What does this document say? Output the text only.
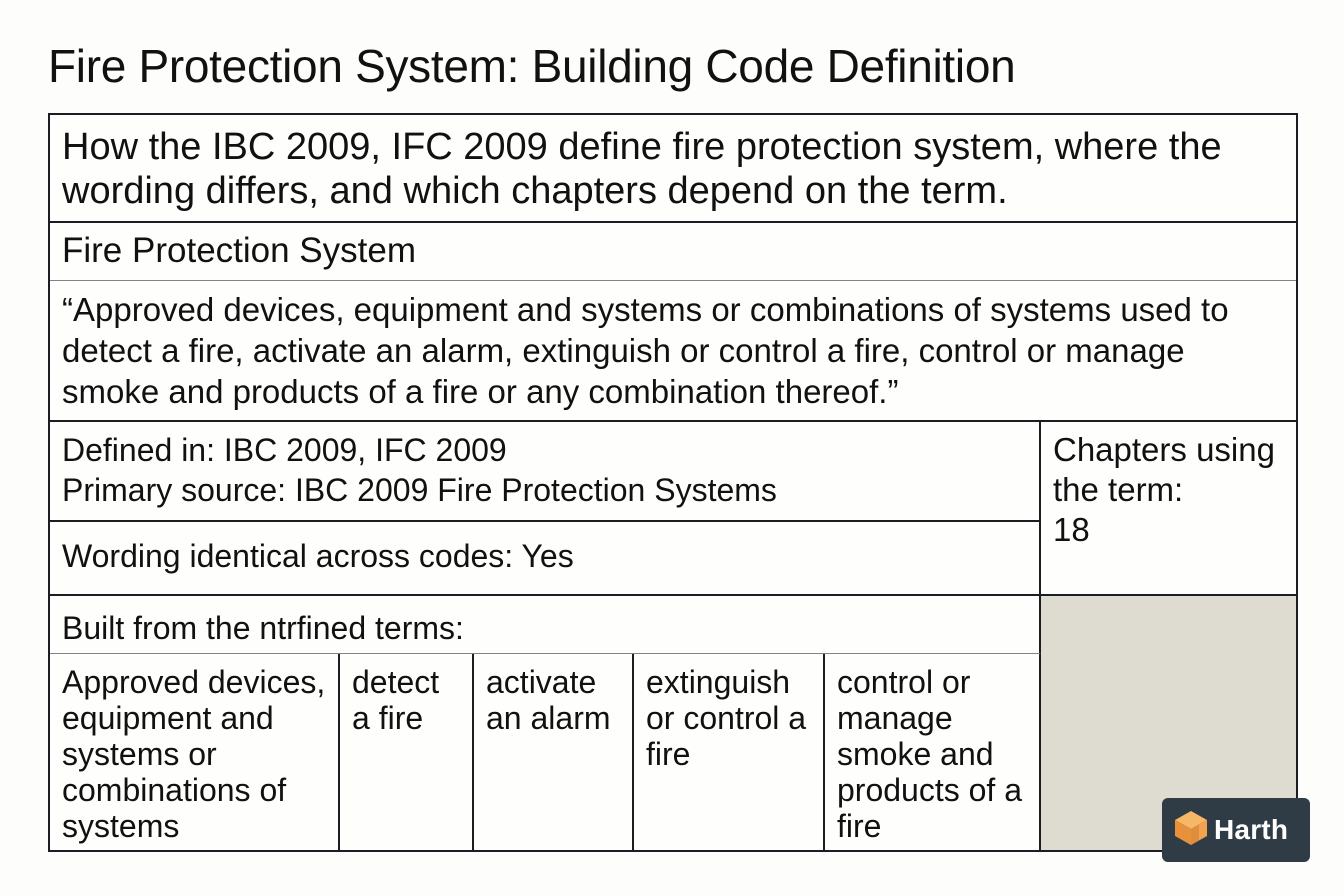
Fire Protection System: Building Code Definition
How the IBC 2009, IFC 2009 define fire protection system, where the wording differs, and which chapters depend on the term.
Fire Protection System
“Approved devices, equipment and systems or combinations of systems used to detect a fire, activate an alarm, extinguish or control a fire, control or manage smoke and products of a fire or any combination thereof.”
Defined in: IBC 2009, IFC 2009
Primary source: IBC 2009 Fire Protection Systems
Chapters using the term:
18
Wording identical across codes: Yes
Built from the ntrfined terms:
Approved devices, equipment and systems or combinations of systems
detect a fire
activate an alarm
extinguish or control a fire
control or manage smoke and products of a fire	Harth
